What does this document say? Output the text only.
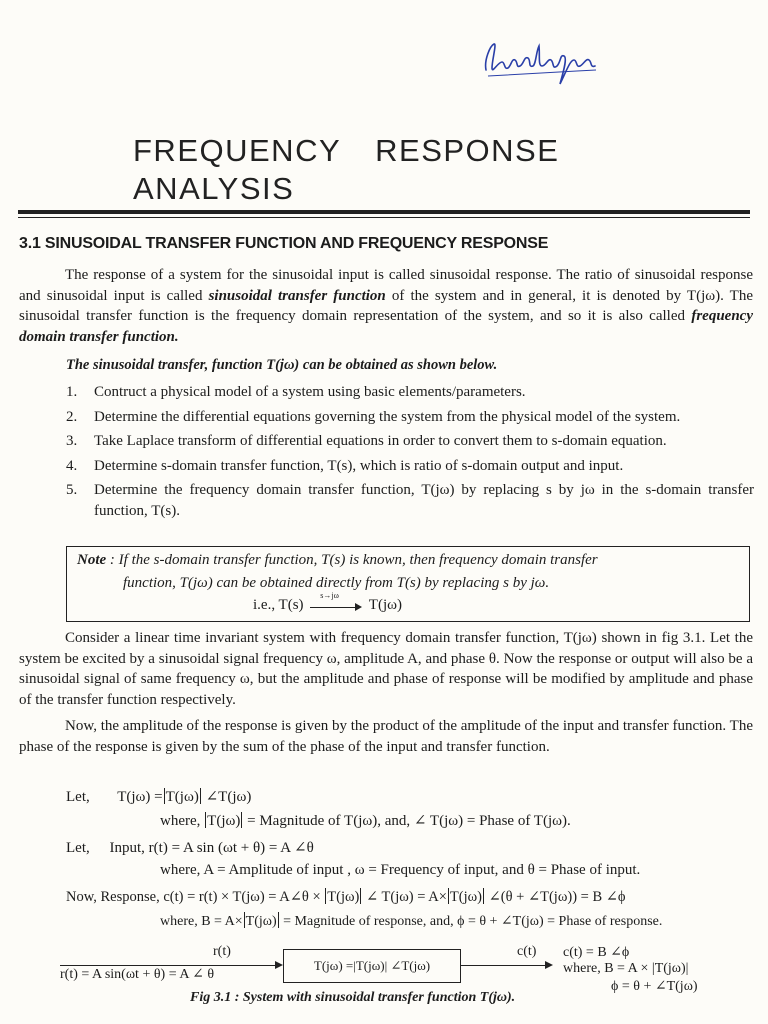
FREQUENCY RESPONSE
ANALYSIS
3.1 SINUSOIDAL TRANSFER FUNCTION AND FREQUENCY RESPONSE

The response of a system for the sinusoidal input is called sinusoidal response. The ratio of sinusoidal response and sinusoidal input is called sinusoidal transfer function of the system and in general, it is denoted by T(jω). The sinusoidal transfer function is the frequency domain representation of the system, and so it is also called frequency domain transfer function.

The sinusoidal transfer, function T(jω) can be obtained as shown below.
1. Contruct a physical model of a system using basic elements/parameters.
2. Determine the differential equations governing the system from the physical model of the system.
3. Take Laplace transform of differential equations in order to convert them to s-domain equation.
4. Determine s-domain transfer function, T(s), which is ratio of s-domain output and input.
5. Determine the frequency domain transfer function, T(jω) by replacing s by jω in the s-domain transfer function, T(s).
Note : If the s-domain transfer function, T(s) is known, then frequency domain transfer
function, T(jω) can be obtained directly from T(s) by replacing s by jω.
i.e., T(s)
s→jω
T(jω)

Consider a linear time invariant system with frequency domain transfer function, T(jω) shown in fig 3.1. Let the system be excited by a sinusoidal signal frequency ω, amplitude A, and phase θ. Now the response or output will also be a sinusoidal signal of same frequency ω, but the amplitude and phase of response will be modified by amplitude and phase of the transfer function respectively.

Now, the amplitude of the response is given by the product of the amplitude of the input and transfer function. The phase of the response is given by the sum of the phase of the input and transfer function.

Let, T(jω) = T(jω) ∠T(jω)
where, T(jω) = Magnitude of T(jω), and, ∠ T(jω) = Phase of T(jω).
Let, Input, r(t) = A sin (ωt + θ) = A ∠θ
where, A = Amplitude of input , ω = Frequency of input, and θ = Phase of input.
Now, Response, c(t) = r(t) × T(jω) = A∠θ × T(jω) ∠ T(jω) = A× T(jω) ∠(θ + ∠T(jω)) = B ∠ϕ
where, B = A× T(jω) = Magnitude of response, and, ϕ = θ + ∠T(jω) = Phase of response.
r(t)
r(t) = A sin(ωt + θ) = A ∠ θ
T(jω) =|T(jω)| ∠T(jω)
c(t) c(t) = B ∠ϕ
where, B = A × |T(jω)|
ϕ = θ + ∠T(jω)
Fig 3.1 : System with sinusoidal transfer function T(jω).
